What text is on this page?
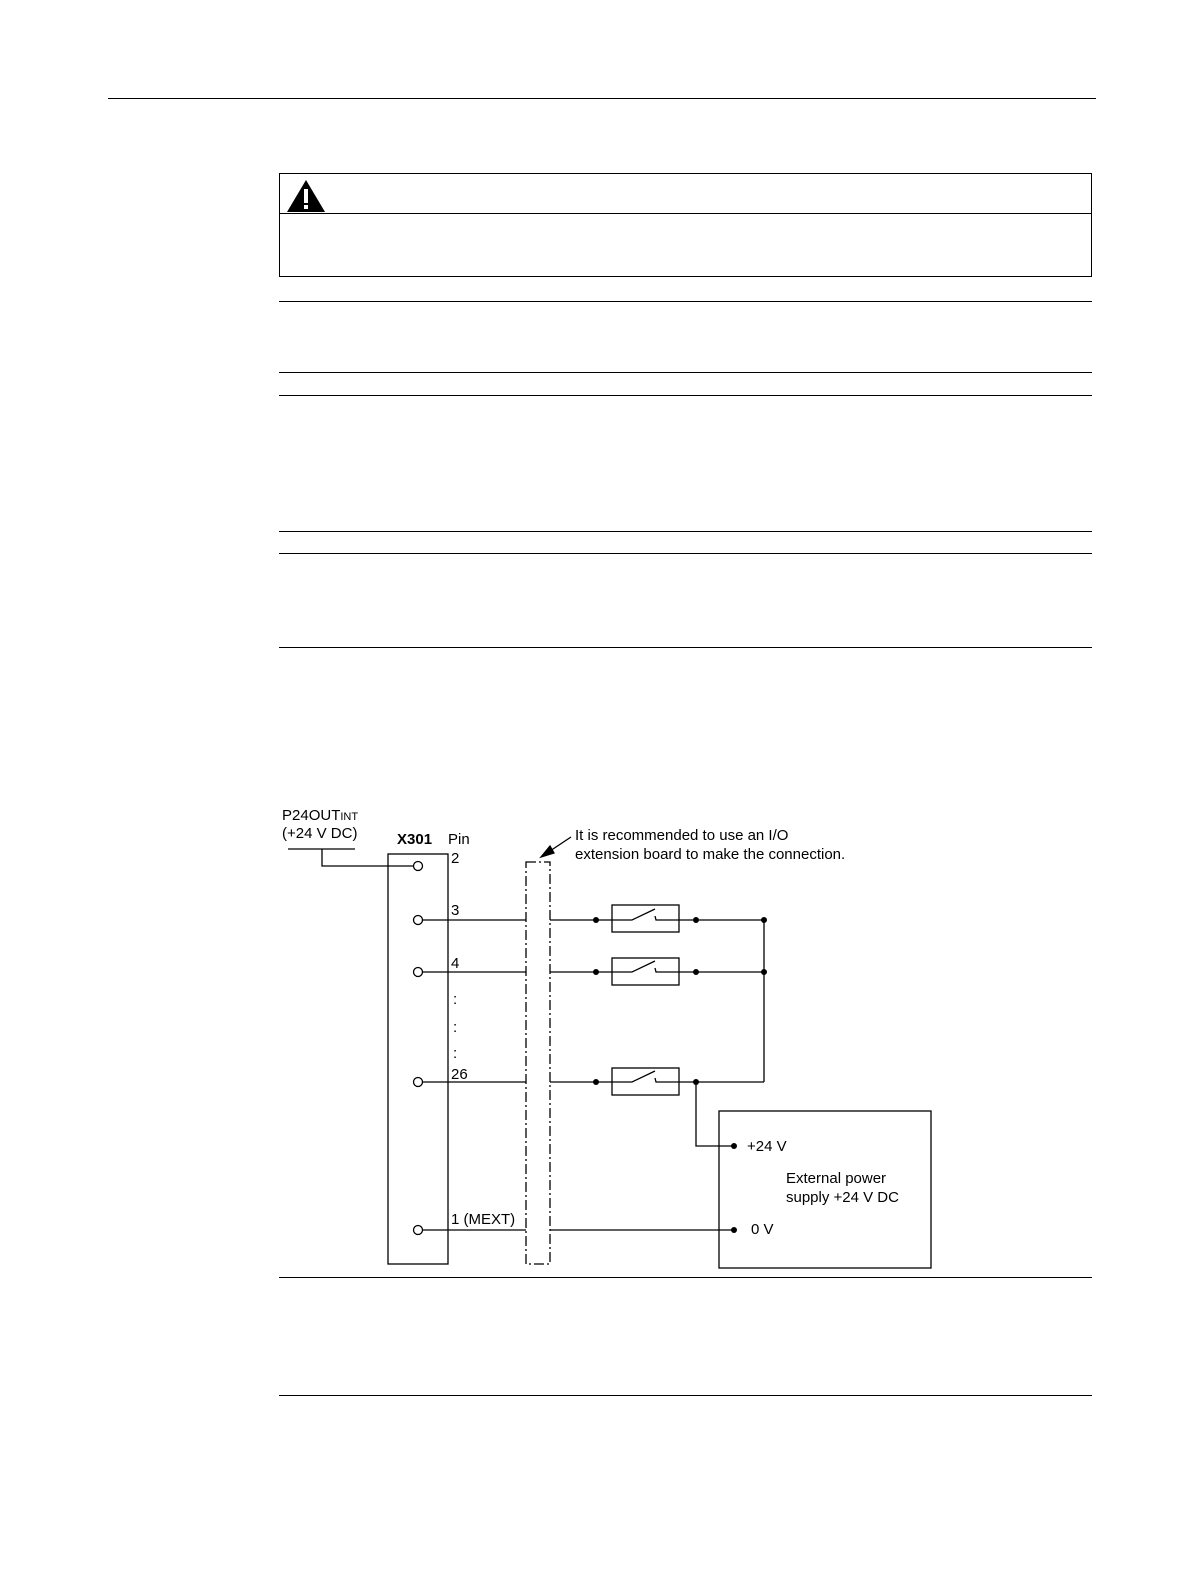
P24OUTINT
(+24 V DC)	X301 Pin
2
3
4
:
:
:
26
1 (MEXT)
It is recommended to use an I/O
extension board to make the connection.
+24 V
External power
supply +24 V DC
0 V
